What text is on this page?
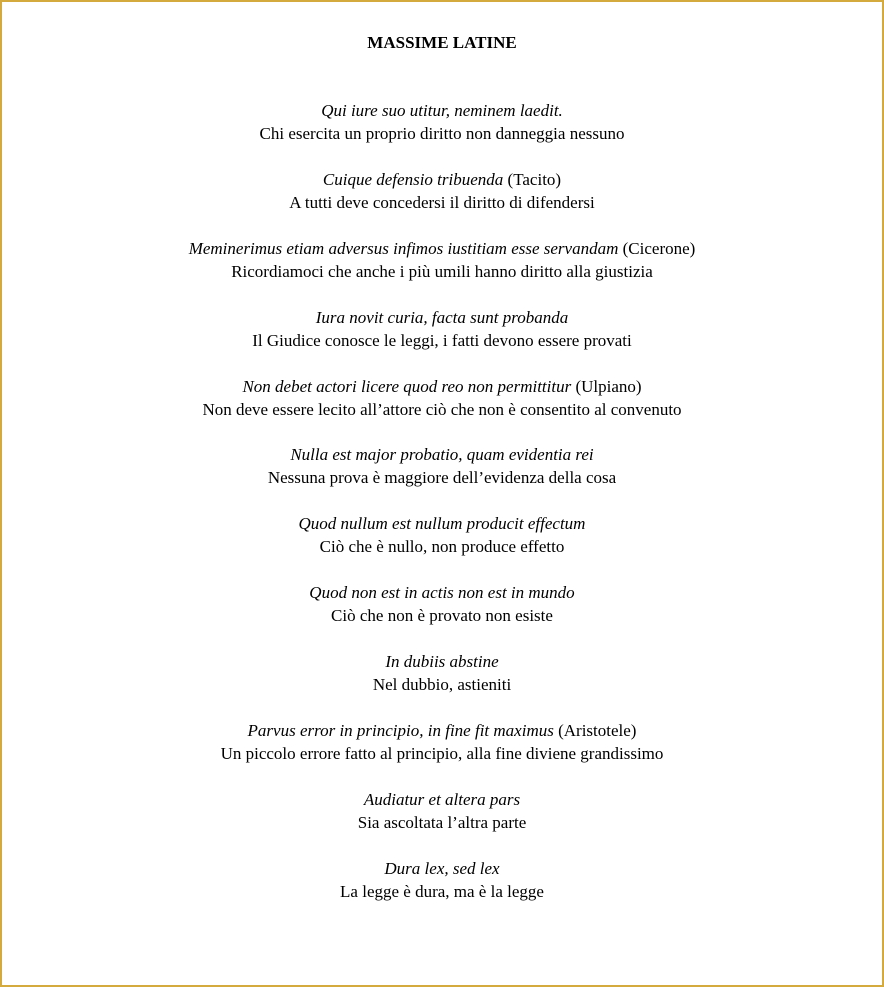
MASSIME LATINE
Qui iure suo utitur, neminem laedit.
Chi esercita un proprio diritto non danneggia nessuno
Cuique defensio tribuenda (Tacito)
A tutti deve concedersi il diritto di difendersi
Meminerimus etiam adversus infimos iustitiam esse servandam (Cicerone)
Ricordiamoci che anche i più umili hanno diritto alla giustizia
Iura novit curia, facta sunt probanda
Il Giudice conosce le leggi, i fatti devono essere provati
Non debet actori licere quod reo non permittitur (Ulpiano)
Non deve essere lecito all’attore ciò che non è consentito al convenuto
Nulla est major probatio, quam evidentia rei
Nessuna prova è maggiore dell’evidenza della cosa
Quod nullum est nullum producit effectum
Ciò che è nullo, non produce effetto
Quod non est in actis non est in mundo
Ciò che non è provato non esiste
In dubiis abstine
Nel dubbio, astieniti
Parvus error in principio, in fine fit maximus (Aristotele)
Un piccolo errore fatto al principio, alla fine diviene grandissimo
Audiatur et altera pars
Sia ascoltata l’altra parte
Dura lex, sed lex
La legge è dura, ma è la legge
